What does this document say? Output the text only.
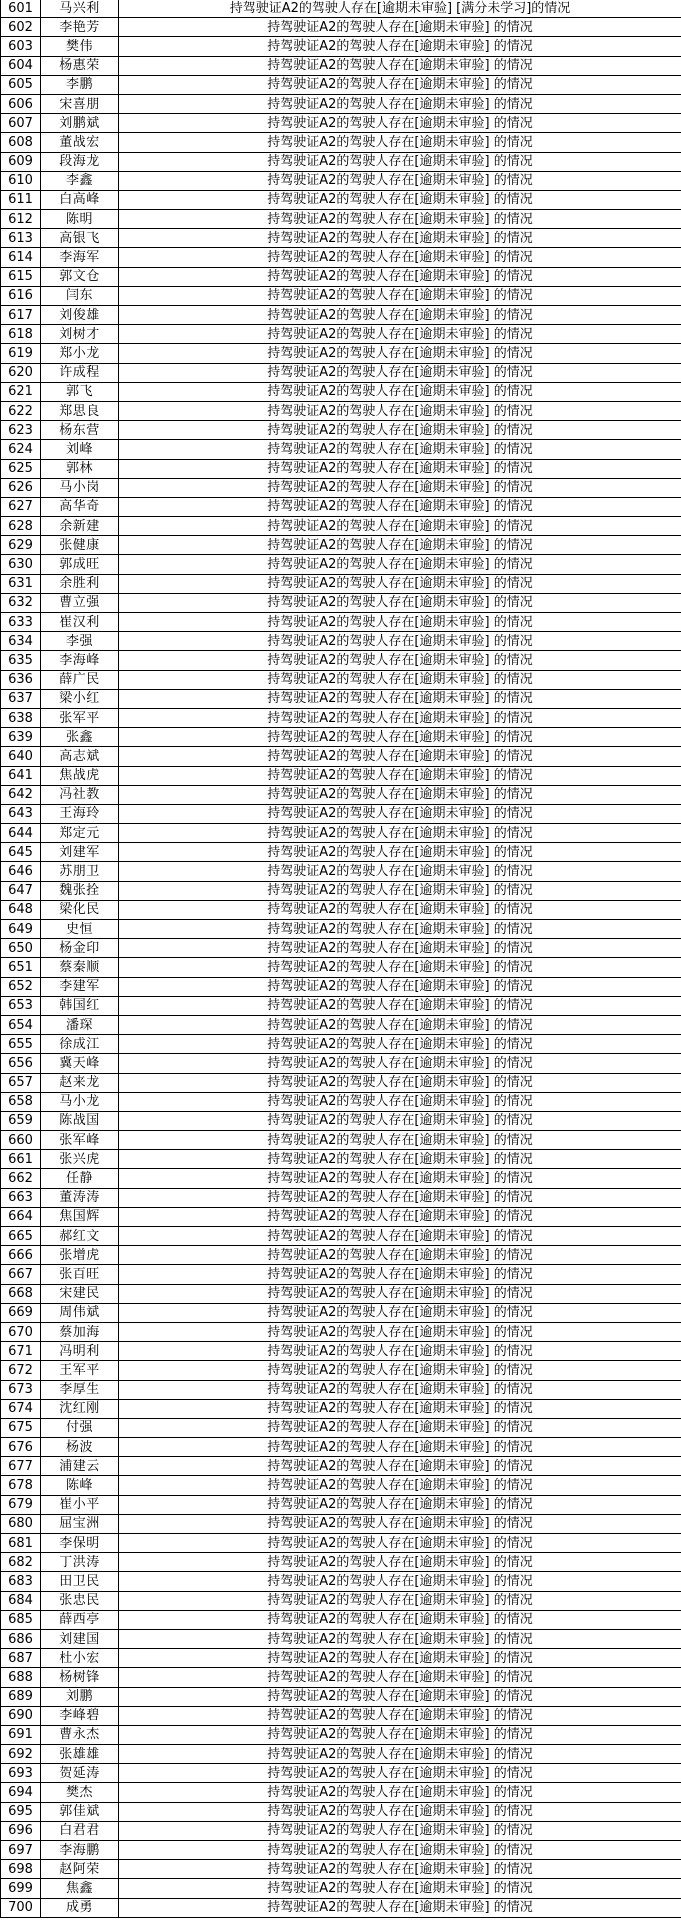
601	马兴利	持驾驶证A2的驾驶人存在[逾期未审验] [满分未学习]的情况
602	李艳芳	持驾驶证A2的驾驶人存在[逾期未审验] 的情况
603	樊伟	持驾驶证A2的驾驶人存在[逾期未审验] 的情况
604	杨惠荣	持驾驶证A2的驾驶人存在[逾期未审验] 的情况
605	李鹏	持驾驶证A2的驾驶人存在[逾期未审验] 的情况
606	宋喜朋	持驾驶证A2的驾驶人存在[逾期未审验] 的情况
607	刘鹏斌	持驾驶证A2的驾驶人存在[逾期未审验] 的情况
608	董战宏	持驾驶证A2的驾驶人存在[逾期未审验] 的情况
609	段海龙	持驾驶证A2的驾驶人存在[逾期未审验] 的情况
610	李鑫	持驾驶证A2的驾驶人存在[逾期未审验] 的情况
611	白高峰	持驾驶证A2的驾驶人存在[逾期未审验] 的情况
612	陈明	持驾驶证A2的驾驶人存在[逾期未审验] 的情况
613	高银飞	持驾驶证A2的驾驶人存在[逾期未审验] 的情况
614	李海军	持驾驶证A2的驾驶人存在[逾期未审验] 的情况
615	郭文仓	持驾驶证A2的驾驶人存在[逾期未审验] 的情况
616	闫东	持驾驶证A2的驾驶人存在[逾期未审验] 的情况
617	刘俊雄	持驾驶证A2的驾驶人存在[逾期未审验] 的情况
618	刘树才	持驾驶证A2的驾驶人存在[逾期未审验] 的情况
619	郑小龙	持驾驶证A2的驾驶人存在[逾期未审验] 的情况
620	许成程	持驾驶证A2的驾驶人存在[逾期未审验] 的情况
621	郭飞	持驾驶证A2的驾驶人存在[逾期未审验] 的情况
622	郑思良	持驾驶证A2的驾驶人存在[逾期未审验] 的情况
623	杨东营	持驾驶证A2的驾驶人存在[逾期未审验] 的情况
624	刘峰	持驾驶证A2的驾驶人存在[逾期未审验] 的情况
625	郭林	持驾驶证A2的驾驶人存在[逾期未审验] 的情况
626	马小岗	持驾驶证A2的驾驶人存在[逾期未审验] 的情况
627	高华奇	持驾驶证A2的驾驶人存在[逾期未审验] 的情况
628	余新建	持驾驶证A2的驾驶人存在[逾期未审验] 的情况
629	张健康	持驾驶证A2的驾驶人存在[逾期未审验] 的情况
630	郭成旺	持驾驶证A2的驾驶人存在[逾期未审验] 的情况
631	余胜利	持驾驶证A2的驾驶人存在[逾期未审验] 的情况
632	曹立强	持驾驶证A2的驾驶人存在[逾期未审验] 的情况
633	崔汉利	持驾驶证A2的驾驶人存在[逾期未审验] 的情况
634	李强	持驾驶证A2的驾驶人存在[逾期未审验] 的情况
635	李海峰	持驾驶证A2的驾驶人存在[逾期未审验] 的情况
636	薛广民	持驾驶证A2的驾驶人存在[逾期未审验] 的情况
637	梁小红	持驾驶证A2的驾驶人存在[逾期未审验] 的情况
638	张军平	持驾驶证A2的驾驶人存在[逾期未审验] 的情况
639	张鑫	持驾驶证A2的驾驶人存在[逾期未审验] 的情况
640	高志斌	持驾驶证A2的驾驶人存在[逾期未审验] 的情况
641	焦战虎	持驾驶证A2的驾驶人存在[逾期未审验] 的情况
642	冯社教	持驾驶证A2的驾驶人存在[逾期未审验] 的情况
643	王海玲	持驾驶证A2的驾驶人存在[逾期未审验] 的情况
644	郑定元	持驾驶证A2的驾驶人存在[逾期未审验] 的情况
645	刘建军	持驾驶证A2的驾驶人存在[逾期未审验] 的情况
646	苏朋卫	持驾驶证A2的驾驶人存在[逾期未审验] 的情况
647	魏张拴	持驾驶证A2的驾驶人存在[逾期未审验] 的情况
648	梁化民	持驾驶证A2的驾驶人存在[逾期未审验] 的情况
649	史恒	持驾驶证A2的驾驶人存在[逾期未审验] 的情况
650	杨金印	持驾驶证A2的驾驶人存在[逾期未审验] 的情况
651	蔡秦顺	持驾驶证A2的驾驶人存在[逾期未审验] 的情况
652	李建军	持驾驶证A2的驾驶人存在[逾期未审验] 的情况
653	韩国红	持驾驶证A2的驾驶人存在[逾期未审验] 的情况
654	潘琛	持驾驶证A2的驾驶人存在[逾期未审验] 的情况
655	徐成江	持驾驶证A2的驾驶人存在[逾期未审验] 的情况
656	冀天峰	持驾驶证A2的驾驶人存在[逾期未审验] 的情况
657	赵来龙	持驾驶证A2的驾驶人存在[逾期未审验] 的情况
658	马小龙	持驾驶证A2的驾驶人存在[逾期未审验] 的情况
659	陈战国	持驾驶证A2的驾驶人存在[逾期未审验] 的情况
660	张军峰	持驾驶证A2的驾驶人存在[逾期未审验] 的情况
661	张兴虎	持驾驶证A2的驾驶人存在[逾期未审验] 的情况
662	任静	持驾驶证A2的驾驶人存在[逾期未审验] 的情况
663	董涛涛	持驾驶证A2的驾驶人存在[逾期未审验] 的情况
664	焦国辉	持驾驶证A2的驾驶人存在[逾期未审验] 的情况
665	郝红文	持驾驶证A2的驾驶人存在[逾期未审验] 的情况
666	张增虎	持驾驶证A2的驾驶人存在[逾期未审验] 的情况
667	张百旺	持驾驶证A2的驾驶人存在[逾期未审验] 的情况
668	宋建民	持驾驶证A2的驾驶人存在[逾期未审验] 的情况
669	周伟斌	持驾驶证A2的驾驶人存在[逾期未审验] 的情况
670	蔡加海	持驾驶证A2的驾驶人存在[逾期未审验] 的情况
671	冯明利	持驾驶证A2的驾驶人存在[逾期未审验] 的情况
672	王军平	持驾驶证A2的驾驶人存在[逾期未审验] 的情况
673	李厚生	持驾驶证A2的驾驶人存在[逾期未审验] 的情况
674	沈红刚	持驾驶证A2的驾驶人存在[逾期未审验] 的情况
675	付强	持驾驶证A2的驾驶人存在[逾期未审验] 的情况
676	杨波	持驾驶证A2的驾驶人存在[逾期未审验] 的情况
677	浦建云	持驾驶证A2的驾驶人存在[逾期未审验] 的情况
678	陈峰	持驾驶证A2的驾驶人存在[逾期未审验] 的情况
679	崔小平	持驾驶证A2的驾驶人存在[逾期未审验] 的情况
680	屈宝洲	持驾驶证A2的驾驶人存在[逾期未审验] 的情况
681	李保明	持驾驶证A2的驾驶人存在[逾期未审验] 的情况
682	丁洪涛	持驾驶证A2的驾驶人存在[逾期未审验] 的情况
683	田卫民	持驾驶证A2的驾驶人存在[逾期未审验] 的情况
684	张忠民	持驾驶证A2的驾驶人存在[逾期未审验] 的情况
685	薛西亭	持驾驶证A2的驾驶人存在[逾期未审验] 的情况
686	刘建国	持驾驶证A2的驾驶人存在[逾期未审验] 的情况
687	杜小宏	持驾驶证A2的驾驶人存在[逾期未审验] 的情况
688	杨树锋	持驾驶证A2的驾驶人存在[逾期未审验] 的情况
689	刘鹏	持驾驶证A2的驾驶人存在[逾期未审验] 的情况
690	李峰碧	持驾驶证A2的驾驶人存在[逾期未审验] 的情况
691	曹永杰	持驾驶证A2的驾驶人存在[逾期未审验] 的情况
692	张雄雄	持驾驶证A2的驾驶人存在[逾期未审验] 的情况
693	贺延涛	持驾驶证A2的驾驶人存在[逾期未审验] 的情况
694	樊杰	持驾驶证A2的驾驶人存在[逾期未审验] 的情况
695	郭佳斌	持驾驶证A2的驾驶人存在[逾期未审验] 的情况
696	白君君	持驾驶证A2的驾驶人存在[逾期未审验] 的情况
697	李海鹏	持驾驶证A2的驾驶人存在[逾期未审验] 的情况
698	赵阿荣	持驾驶证A2的驾驶人存在[逾期未审验] 的情况
699	焦鑫	持驾驶证A2的驾驶人存在[逾期未审验] 的情况
700	成勇	持驾驶证A2的驾驶人存在[逾期未审验] 的情况
